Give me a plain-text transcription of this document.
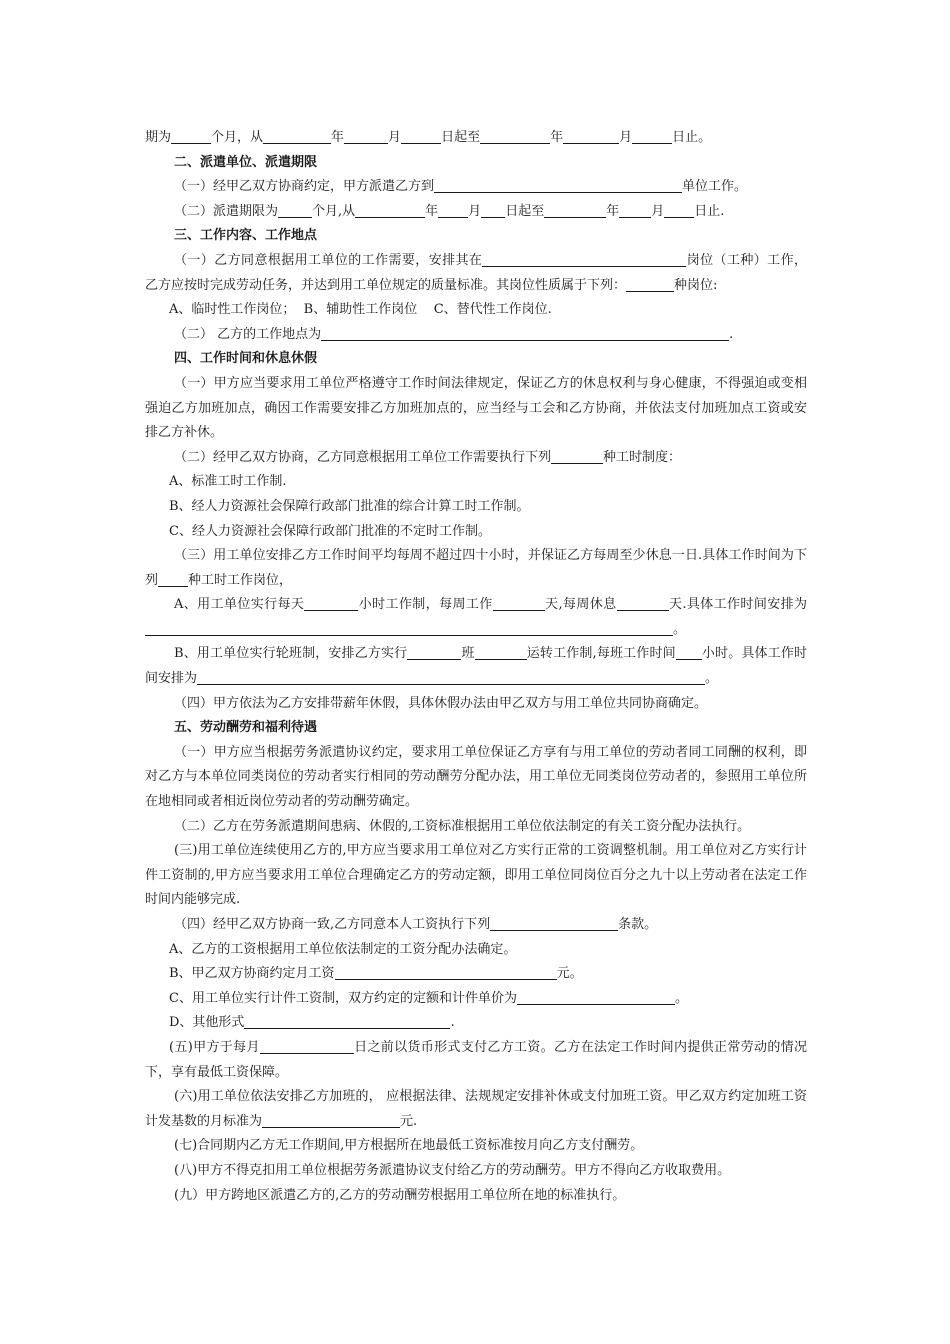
期为	个月，从	年	月	日起至	年	月	日止。

二、派遣单位、派遣期限

（一）经甲乙双方协商约定，甲方派遣乙方到	单位工作。

（二）派遣期限为	个月,从	年 月 日起至	年 月 日止.

三、工作内容、工作地点

（一）乙方同意根据用工单位的工作需要，安排其在	岗位（工种）工作，乙方应按时完成劳动任务，并达到用工单位规定的质量标准。其岗位性质属于下列：	种岗位:

A、临时性工作岗位；  B、辅助性工作岗位    C、替代性工作岗位.

（二） 乙方的工作地点为	.

四、工作时间和休息休假

（一）甲方应当要求用工单位严格遵守工作时间法律规定，保证乙方的休息权利与身心健康，不得强迫或变相强迫乙方加班加点，确因工作需要安排乙方加班加点的，应当经与工会和乙方协商，并依法支付加班加点工资或安排乙方补休。

（二）经甲乙双方协商，乙方同意根据用工单位工作需要执行下列	种工时制度：

A、标准工时工作制.

B、经人力资源社会保障行政部门批准的综合计算工时工作制。

C、经人力资源社会保障行政部门批准的不定时工作制。

（三）用工单位安排乙方工作时间平均每周不超过四十小时，并保证乙方每周至少休息一日.具体工作时间为下列 种工时工作岗位，

A、用工单位实行每天	小时工作制，每周工作	天,每周休息	天.具体工作时间安排为。

B、用工单位实行轮班制，安排乙方实行	班	运转工作制,每班工作时间 小时。具体工作时间安排为	。

（四）甲方依法为乙方安排带薪年休假，具体休假办法由甲乙双方与用工单位共同协商确定。

五、劳动酬劳和福利待遇

（一）甲方应当根据劳务派遣协议约定，要求用工单位保证乙方享有与用工单位的劳动者同工同酬的权利，即对乙方与本单位同类岗位的劳动者实行相同的劳动酬劳分配办法，用工单位无同类岗位劳动者的，参照用工单位所在地相同或者相近岗位劳动者的劳动酬劳确定。

（二）乙方在劳务派遣期间患病、休假的,工资标准根据用工单位依法制定的有关工资分配办法执行。

(三)用工单位连续使用乙方的,甲方应当要求用工单位对乙方实行正常的工资调整机制。用工单位对乙方实行计件工资制的,甲方应当要求用工单位合理确定乙方的劳动定额，即用工单位同岗位百分之九十以上劳动者在法定工作时间内能够完成.

（四）经甲乙双方协商一致,乙方同意本人工资执行下列	条款。

A、乙方的工资根据用工单位依法制定的工资分配办法确定。

B、甲乙双方协商约定月工资	元。

C、用工单位实行计件工资制，双方约定的定额和计件单价为	。

D、其他形式	.

(五)甲方于每月	日之前以货币形式支付乙方工资。乙方在法定工作时间内提供正常劳动的情况下，享有最低工资保障。

(六)用工单位依法安排乙方加班的， 应根据法律、法规规定安排补休或支付加班工资。甲乙双方约定加班工资计发基数的月标准为	元.

(七)合同期内乙方无工作期间,甲方根据所在地最低工资标准按月向乙方支付酬劳。

(八)甲方不得克扣用工单位根据劳务派遣协议支付给乙方的劳动酬劳。甲方不得向乙方收取费用。

(九）甲方跨地区派遣乙方的,乙方的劳动酬劳根据用工单位所在地的标准执行。
